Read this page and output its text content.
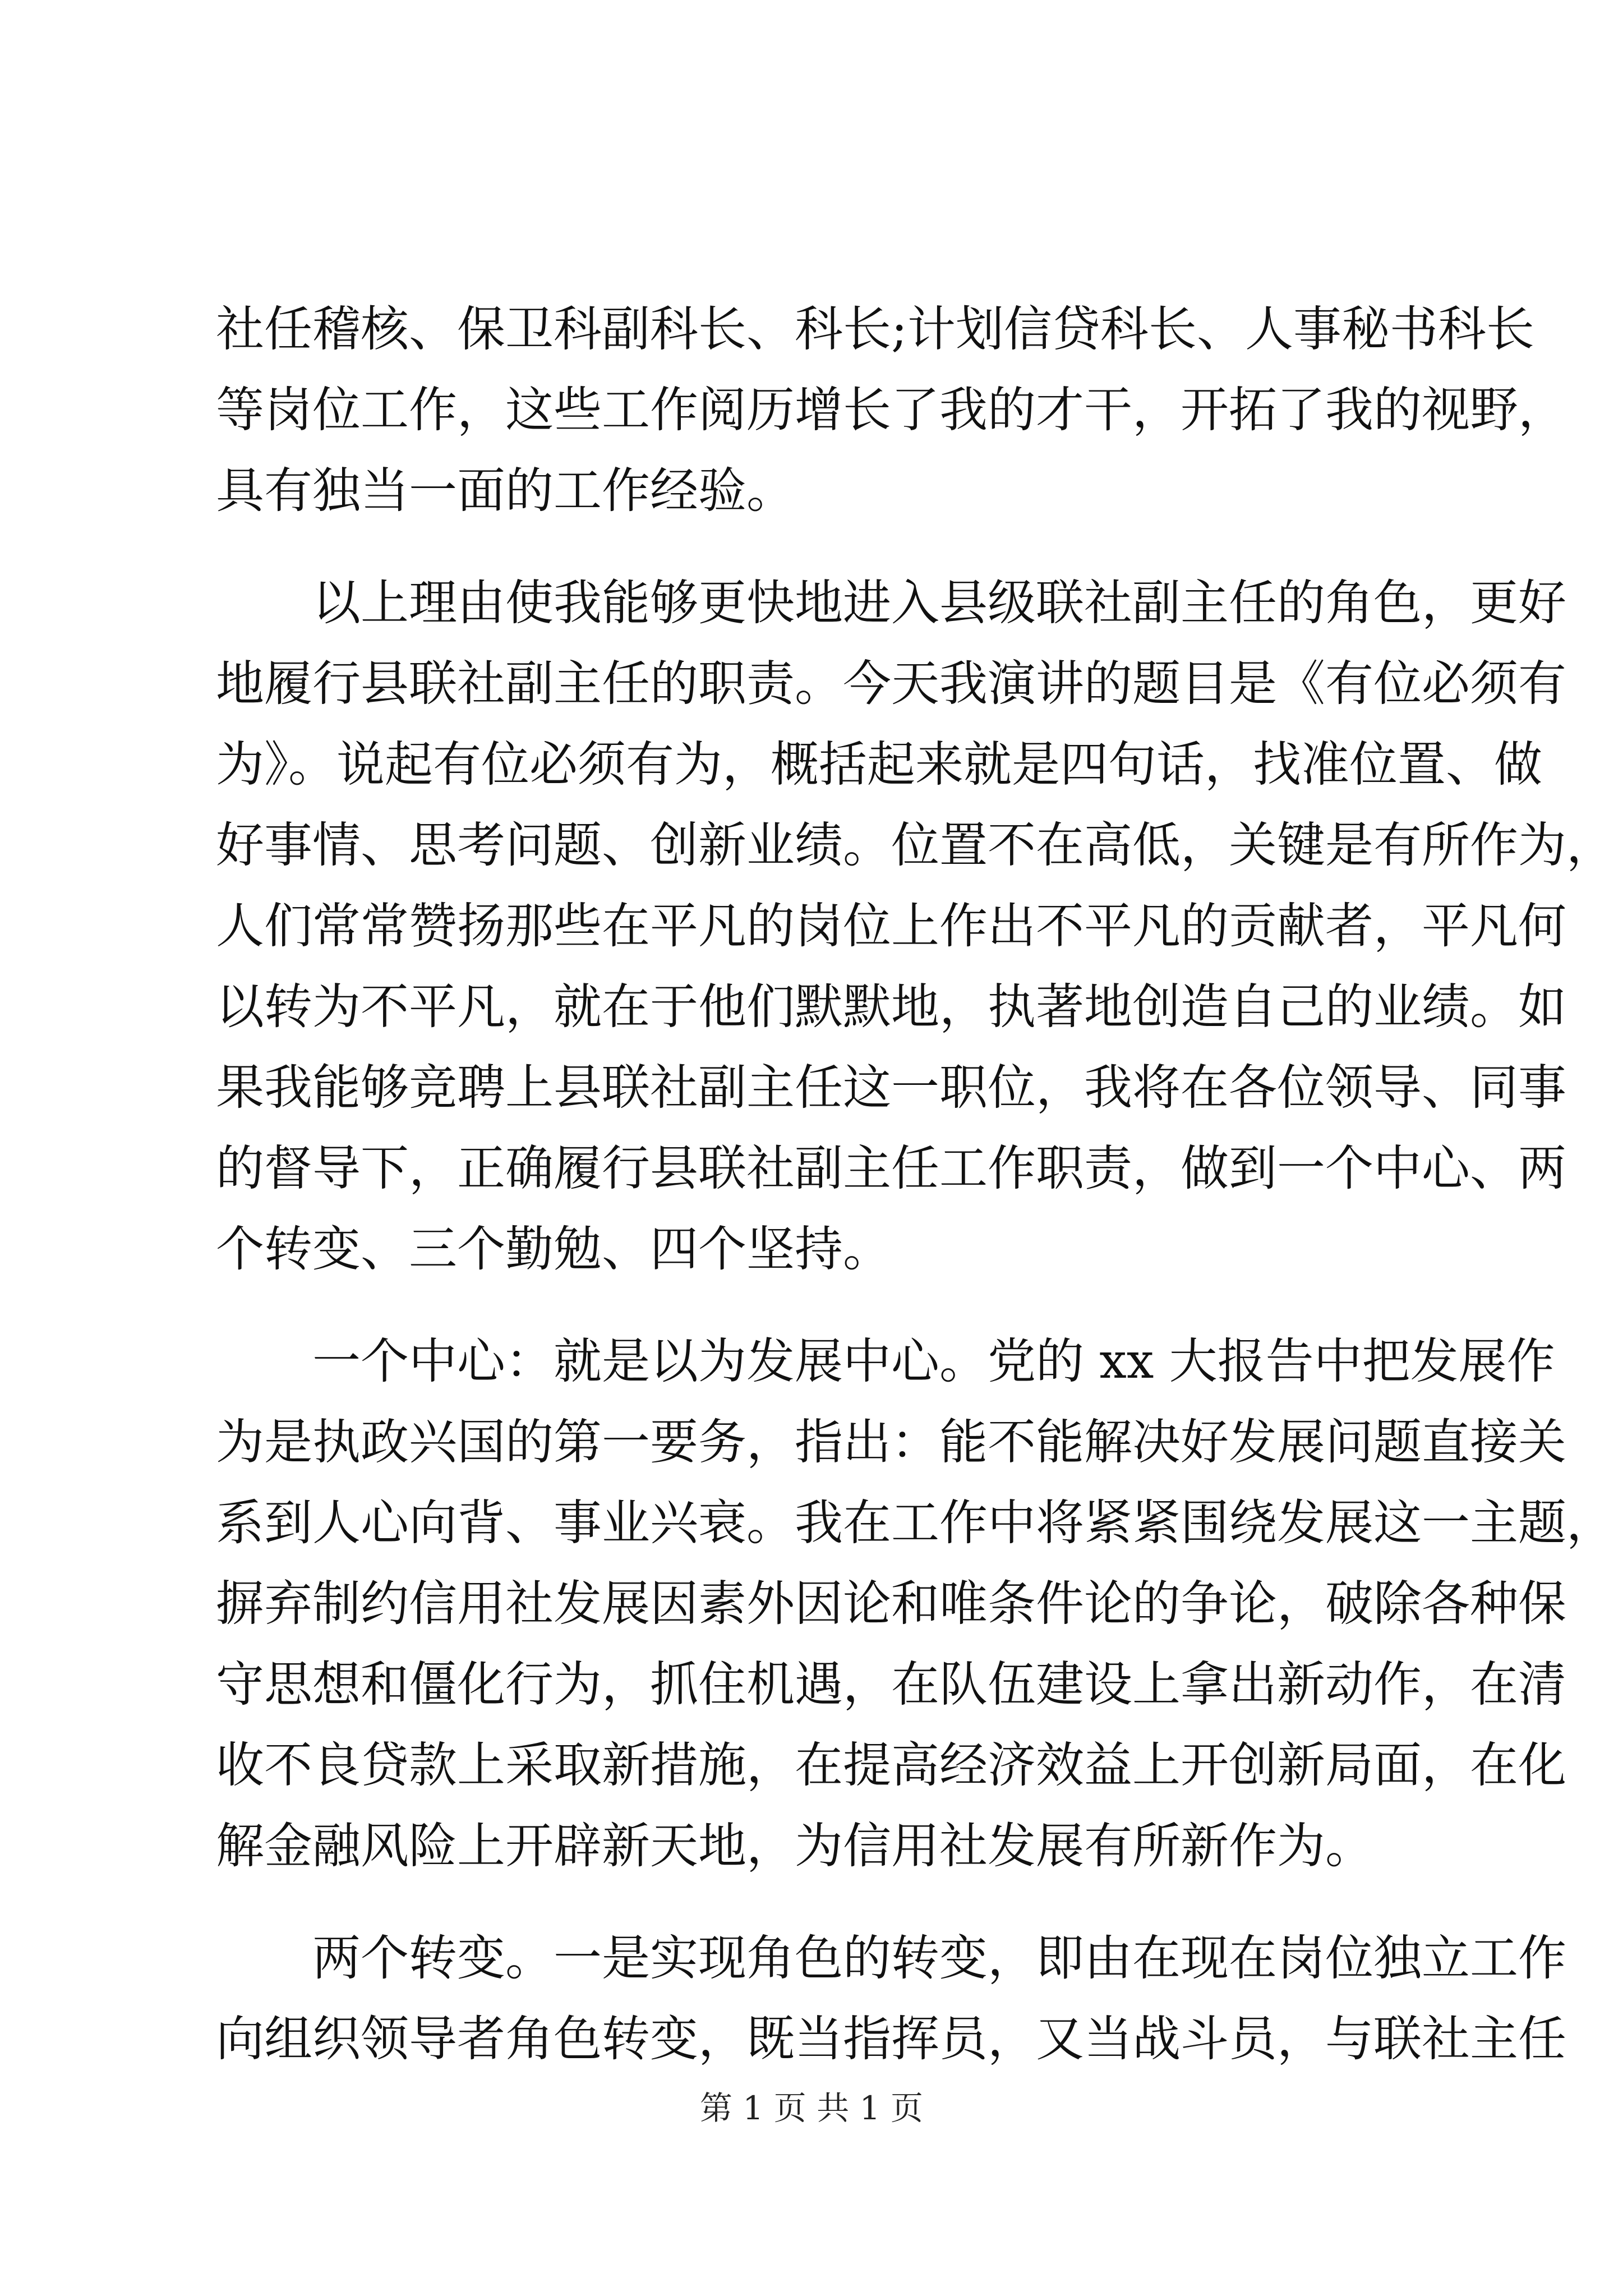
社任稽核、保卫科副科长、科长;计划信贷科长、人事秘书科长
等岗位工作，这些工作阅历增长了我的才干，开拓了我的视野，
具有独当一面的工作经验。
　　以上理由使我能够更快地进入县级联社副主任的角色，更好
地履行县联社副主任的职责。今天我演讲的题目是《有位必须有
为》。说起有位必须有为，概括起来就是四句话，找准位置、做
好事情、思考问题、创新业绩。位置不在高低，关键是有所作为，
人们常常赞扬那些在平凡的岗位上作出不平凡的贡献者，平凡何
以转为不平凡，就在于他们默默地，执著地创造自己的业绩。如
果我能够竞聘上县联社副主任这一职位，我将在各位领导、同事
的督导下，正确履行县联社副主任工作职责，做到一个中心、两
个转变、三个勤勉、四个坚持。
　　一个中心：就是以为发展中心。党的 xx 大报告中把发展作
为是执政兴国的第一要务，指出：能不能解决好发展问题直接关
系到人心向背、事业兴衰。我在工作中将紧紧围绕发展这一主题，
摒弃制约信用社发展因素外因论和唯条件论的争论，破除各种保
守思想和僵化行为，抓住机遇，在队伍建设上拿出新动作，在清
收不良贷款上采取新措施，在提高经济效益上开创新局面，在化
解金融风险上开辟新天地，为信用社发展有所新作为。
　　两个转变。一是实现角色的转变，即由在现在岗位独立工作
向组织领导者角色转变，既当指挥员，又当战斗员，与联社主任
第 1 页 共 1 页
